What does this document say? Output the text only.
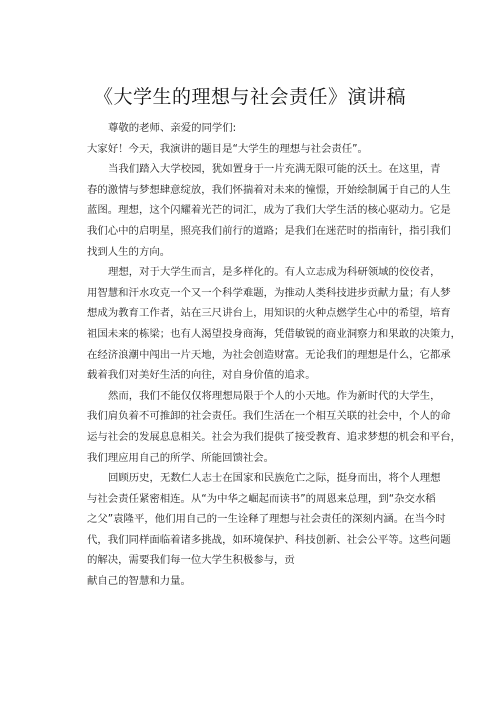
《大学生的理想与社会责任》演讲稿
尊敬的老师、亲爱的同学们:
大家好！今天，我演讲的题目是“大学生的理想与社会责任”。
当我们踏入大学校园，犹如置身于一片充满无限可能的沃土。在这里，青
春的激情与梦想肆意绽放，我们怀揣着对未来的憧憬，开始绘制属于自己的人生
蓝图。理想，这个闪耀着光芒的词汇，成为了我们大学生活的核心驱动力。它是
我们心中的启明星，照亮我们前行的道路；是我们在迷茫时的指南针，指引我们
找到人生的方向。
理想，对于大学生而言，是多样化的。有人立志成为科研领域的佼佼者，
用智慧和汗水攻克一个又一个科学难题，为推动人类科技进步贡献力量；有人梦
想成为教育工作者，站在三尺讲台上，用知识的火种点燃学生心中的希望，培育
祖国未来的栋梁；也有人渴望投身商海，凭借敏锐的商业洞察力和果敢的决策力，
在经济浪潮中闯出一片天地，为社会创造财富。无论我们的理想是什么，它都承
载着我们对美好生活的向往，对自身价值的追求。
然而，我们不能仅仅将理想局限于个人的小天地。作为新时代的大学生，
我们肩负着不可推卸的社会责任。我们生活在一个相互关联的社会中，个人的命
运与社会的发展息息相关。社会为我们提供了接受教育、追求梦想的机会和平台，
我们理应用自己的所学、所能回馈社会。
回顾历史，无数仁人志士在国家和民族危亡之际，挺身而出，将个人理想
与社会责任紧密相连。从“为中华之崛起而读书”的周恩来总理，到“杂交水稻
之父”袁隆平，他们用自己的一生诠释了理想与社会责任的深刻内涵。在当今时
代，我们同样面临着诸多挑战，如环境保护、科技创新、社会公平等。这些问题
的解决，需要我们每一位大学生积极参与，贡
献自己的智慧和力量。
